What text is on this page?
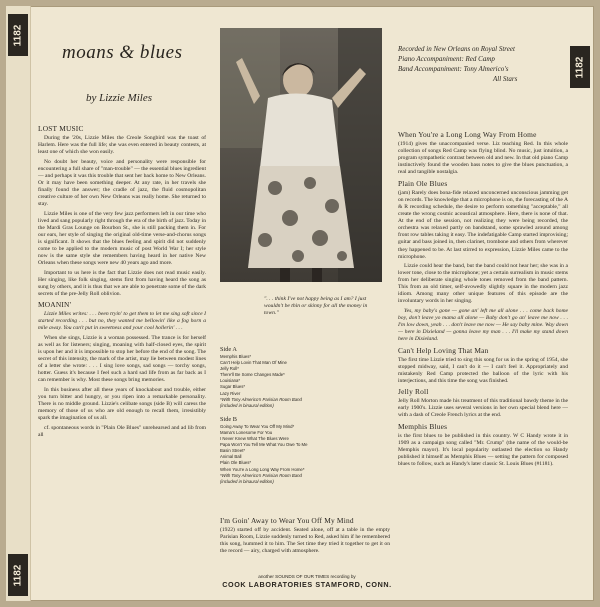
1182
1182
moans & blues
by Lizzie Miles
LOST MUSIC

During the '20s, Lizzie Miles the Creole Songbird was the toast of Harlem. Here was the full life; she was even entered in beauty contests, at least one of which she won easily.

No doubt her beauty, voice and personality were responsible for encountering a full share of "man-trouble" — the essential blues ingredient — and perhaps it was this trouble that sent her back home to New Orleans. Or it may have been something deeper. At any rate, in her travels she finally found the answer; the cradle of jazz, the fluid cosmopolitan creative culture of her own New Orleans was really home. She returned to stay.

Lizzie Miles is one of the very few jazz performers left in our time who lived and sang popularly right through the era of the birth of jazz. Today in the Mardi Gras Lounge on Bourbon St., she is still packing them in. For our ears, her style of singing the original old-time verse-and-chorus songs is significant. It shows that the blues feeling and spirit did not suddenly come to be applied to the modern music of post World War I; her style now is the same style she remembers having heard in her native New Orleans when these songs were new 40 years ago and more.

Important to us here is the fact that Lizzie does not read music easily. Her singing, like folk singing, stems first from having heard the song as sung by others, and it is thus that we are able to penetrate some of the dark secrets of the pre-Jelly Roll oblivion.

MOANIN'

Lizzie Miles writes: . . . been tryin' to get them to let me sing soft since I started recording . . . but no, they wanted me bellowin' like a fog horn a mile away. You can't put in sweetness and your cool hollerin' . . .

When she sings, Lizzie is a woman possessed. The trance is for herself as well as for listeners; singing, moaning with half-closed eyes, the spirit is upon her and it is impossible to stop her before the end of the song. The secret of this intensity, the mark of the artist, may lie between modest lines of a letter she wrote: . . . I sing love songs, sad songs — torchy songs, hotter. Guess it's because I feel such a hard sad life from as far back as I can remember is why. Most these songs bring memories.

In this business after all these years of knockabout and trouble, either you turn bitter and hungry, or you ripen into a remarkable personality. There is no middle ground. Lizzie's celibate songs (side B) will caress the memory of those of us who are old enough to recall them, irresistibly spark the imagination of us all.

cf. spontaneous words in "Plain Ole Blues" unrehearsed and ad lib from all

". . . think I've not happy being as I am? I just wouldn't be thin or skinny for all the money in town."
Recorded in New Orleans on Royal Street
Piano Accompaniment: Red Camp
Band Accompaniment: Tony Almerico's
All Stars
1182
Side A
Memphis Blues*
Can't Help Lovin That Man Of Mine
Jelly Roll*
There'll Be Some Changes Made*
Louisiana*
Sugar Blues*
Lazy River
*With Tony Almerico's Parisian Room Band
(included in binaural edition)
Side B
Going Away To Wear You Off My Mind*
Mama's Lonesome For You
I Never Knew What The Blues Were
Papa Won't You Tell Me What You Owe To Me
Basin Street*
Animal Ball
Plain Ole Blues*
When You're a Long Long Way From Home*
*With Tony Almerico's Parisian Room Band
(included in binaural edition)
I'm Goin' Away to Wear You Off My Mind

(1922) started off by accident. Seated alone, off at a table in the empty Parisian Room, Lizzie suddenly turned to Red, asked him if he remembered this song, hummed it to him. The Set time they tried it together to get it on the record — airy, charged with atmosphere.

another SOUNDS OF OUR TIMES recording by
COOK LABORATORIES STAMFORD, CONN.
When You're a Long Long Way From Home

(1914) gives the unaccompanied verse. Liz teaching Red. In this whole collection of songs Red Camp was flying blind. No music, just intuition, a program sympathetic contrast between old and new. In that old piano Camp instinctively found the wooden bass notes to give the blues punctuation, a real and tangible nostalgia.

Plain Ole Blues

(jam) Rarely does bona-fide relaxed unconcerned unconscious jamming get on records. The knowledge that a microphone is on, the forecasting of the A & R recording schedule, the desire to perform something "acceptable," all create the wrong cosmic acoustical atmosphere. Here, there is none of that. At the end of the session, not realizing they were being recorded, the orchestra was relaxed partly on bandstand, some sprawled around among front row tables taking it easy. The indefatigable Camp started improvising; guitar and bass joined in, then clarinet, trombone and others from wherever they happened to be. At last stirred to expression, Lizzie Miles came to the microphone.

Lizzie could hear the band, but the band could not hear her; she was in a lower tone, close to the microphone; yet a certain surrealism in music stems from her deliberate singing whole tones removed from the band pattern. This from an old timer, self-avowedly slightly square in the modern jazz idiom. Among many other unique features of this episode are the involuntary words in her singing.

Yes, my baby's gone — gone an' left me all alone . . . come back home boy, don't leave yo mama all alone — Baby don't go an' leave me now . . . I'm low down, yeah . . . don't leave me now — He say baby mine. Way down — here in Dixieland — gonna leave my man . . . I'll make my stand down here in Dixieland.

Can't Help Loving That Man

The first time Lizzie tried to sing this song for us in the spring of 1954, she stopped midway, said, I can't do it — I can't feel it. Appropriately and mistakenly Red Camp protected the balloon of the lyric with his interjections, and this time the song was finished.

Jelly Roll

Jelly Roll Morton made his treatment of this traditional bawdy theme in the early 1900's. Lizzie uses several versions in her own special blend here — with a dash of Creole French lyrics at the end.

Memphis Blues

is the first blues to be published in this country. W C Handy wrote it in 1909 as a campaign song called "Mr. Crump" (the name of the would-be Memphis mayor). It's local popularity outlasted the election so Handy published it himself as Memphis Blues — setting the pattern for composed blues to follow, such as Handy's later classic St. Louis Blues (#1181).
